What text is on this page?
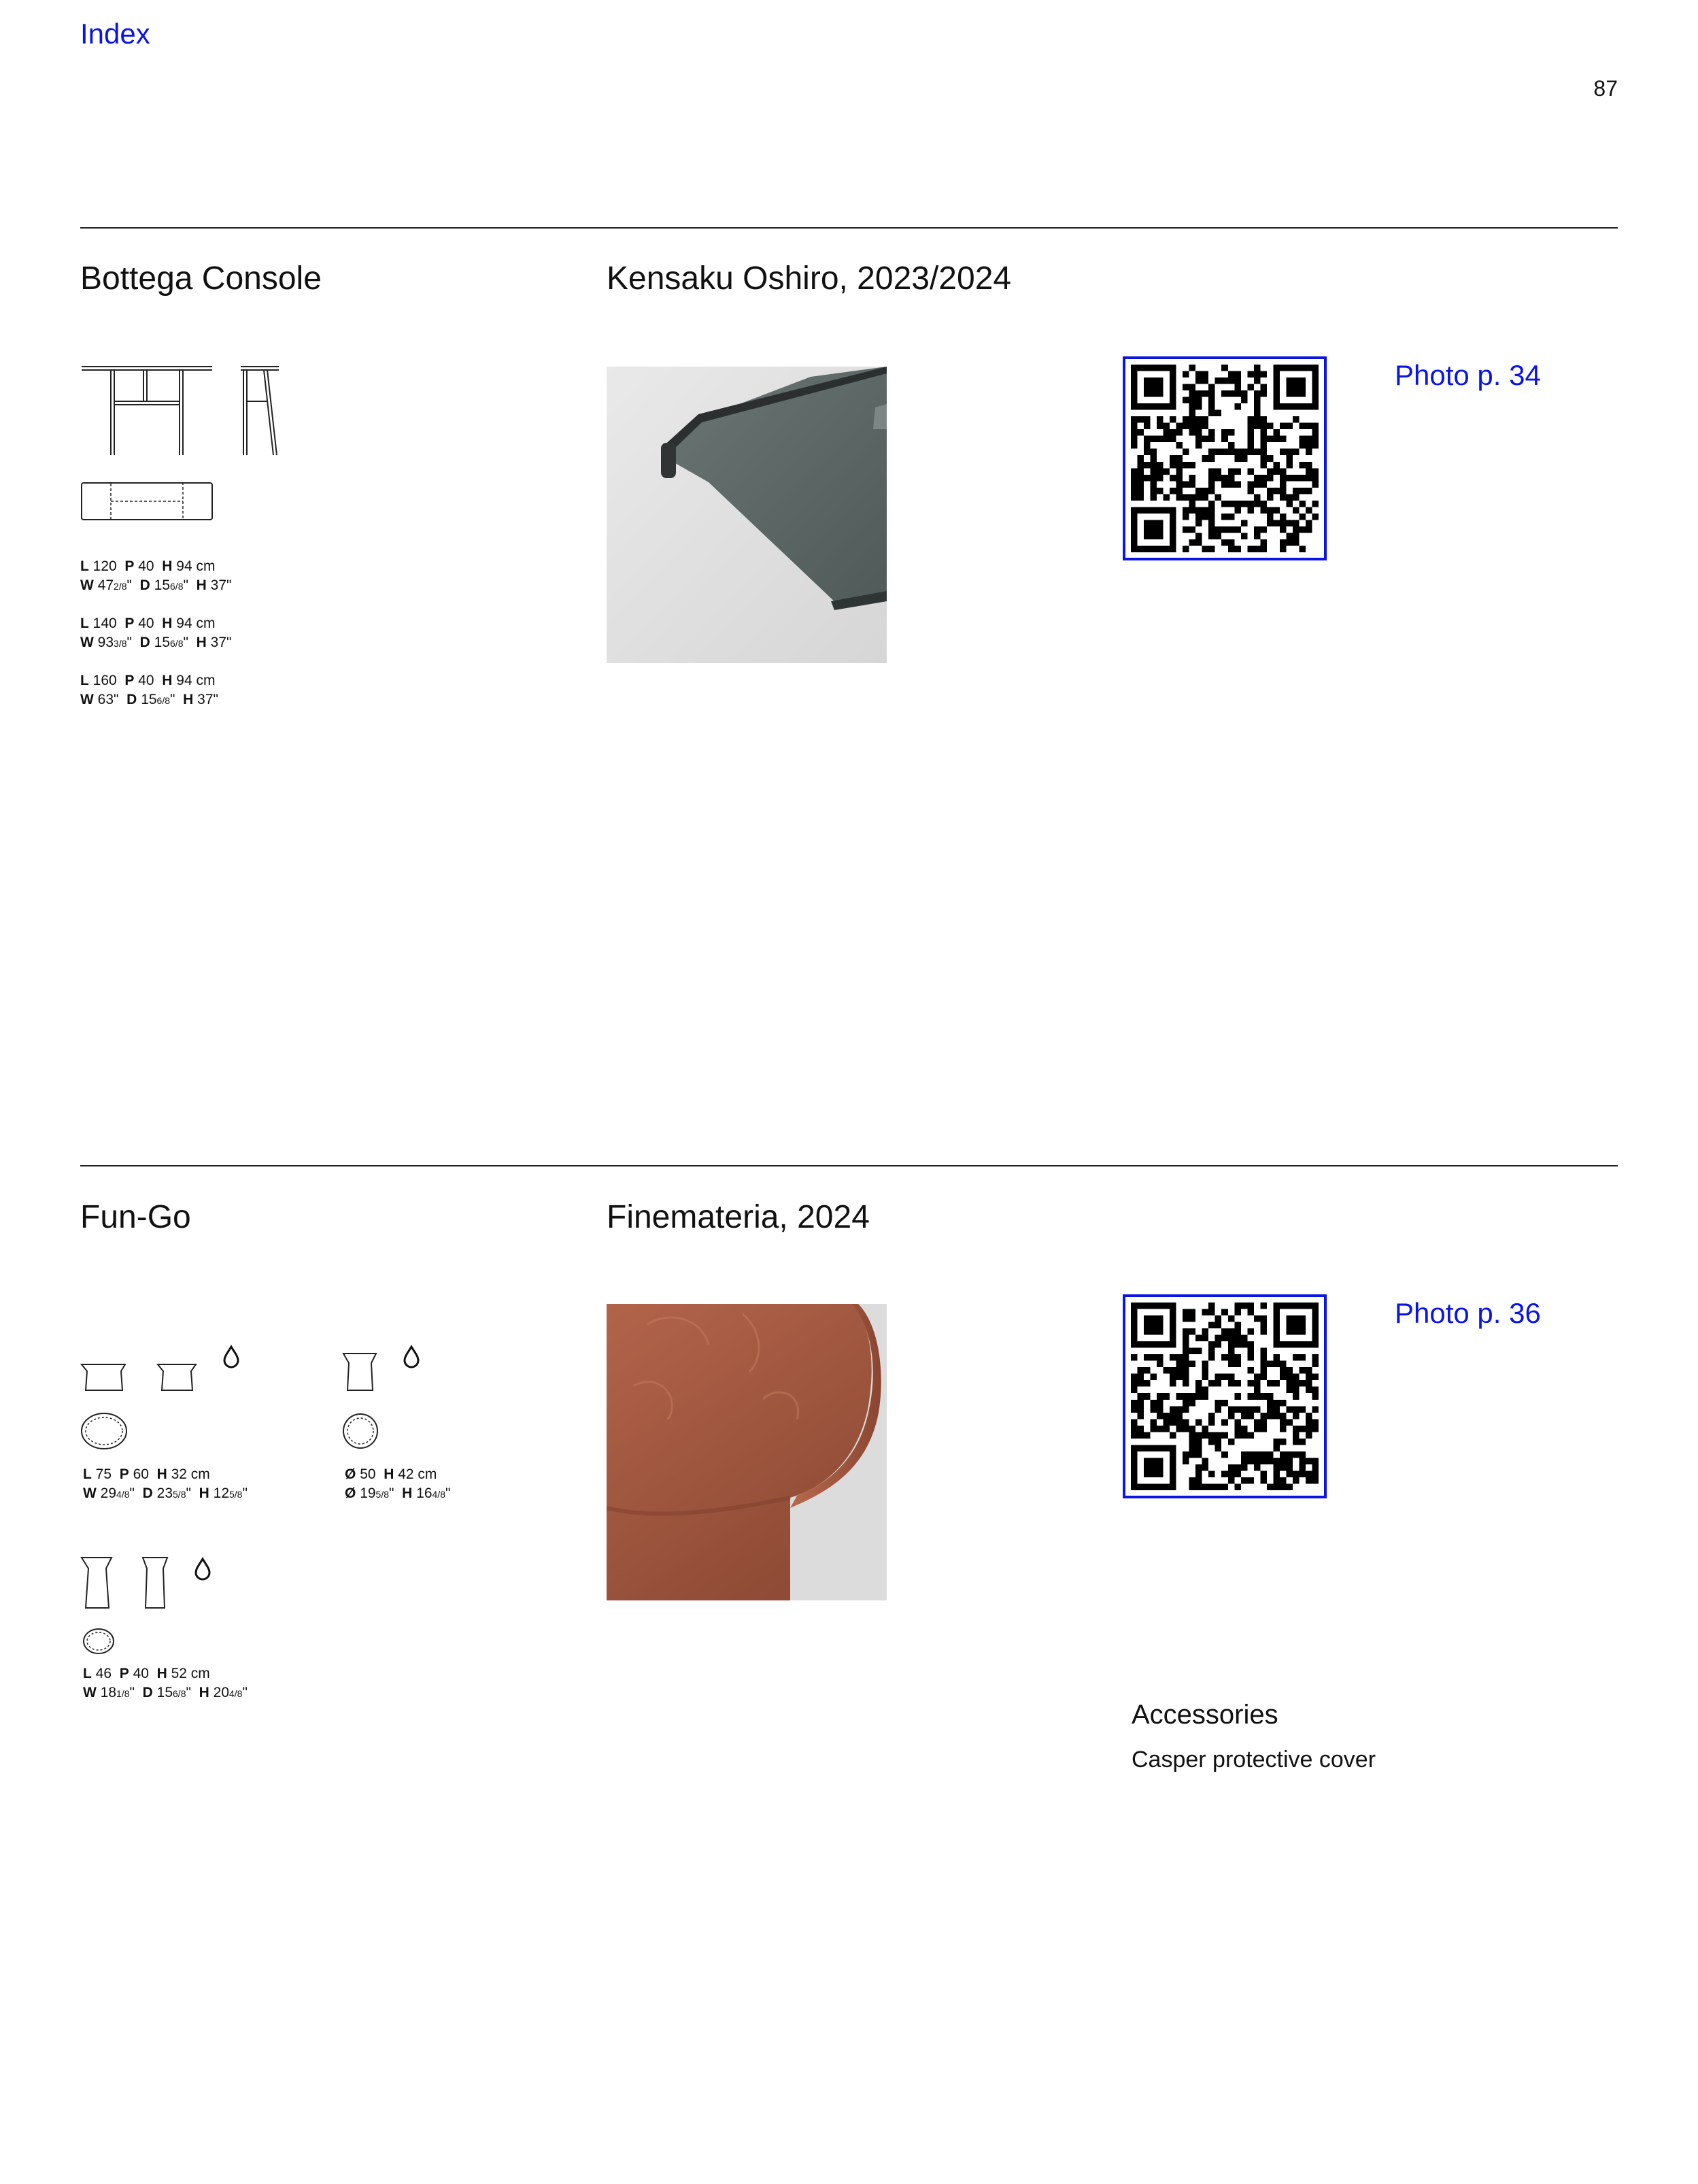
Index
87
Bottega Console	Kensaku Oshiro, 2023/2024
L 120 P 40 H 94 cm
W 472/8" D 156/8" H 37"
L 140 P 40 H 94 cm
W 933/8" D 156/8" H 37"
L 160 P 40 H 94 cm
W 63" D 156/8" H 37"
Photo p. 34
Fun-Go	Finemateria, 2024
L 75 P 60 H 32 cm
W 294/8" D 235/8" H 125/8"
Ø 50 H 42 cm
Ø 195/8" H 164/8"
L 46 P 40 H 52 cm
W 181/8" D 156/8" H 204/8"
Photo p. 36
Accessories
Casper protective cover
